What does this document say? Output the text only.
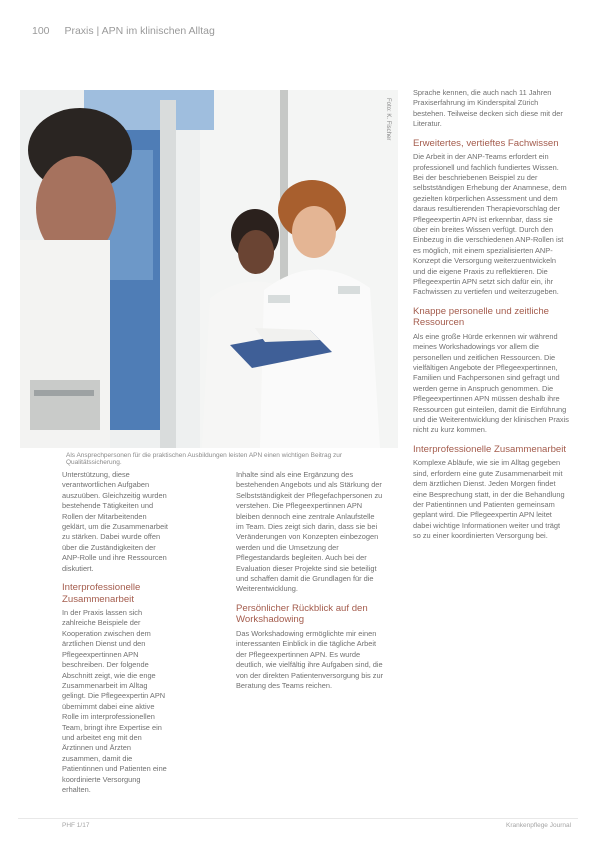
100 Praxis | APN im klinischen Alltag
Foto: K. Fischer
Als Ansprechpersonen für die praktischen Ausbildungen leisten APN einen wichtigen Beitrag zur Qualitätssicherung.

Unterstützung, diese verantwortlichen Aufgaben auszuüben. Gleichzeitig wurden bestehende Tätigkeiten und Rollen der Mitarbeitenden geklärt, um die Zusammenarbeit zu stärken. Dabei wurde offen über die Zuständigkeiten der ANP-Rolle und ihre Ressourcen diskutiert.

Interprofessionelle Zusammenarbeit

In der Praxis lassen sich zahlreiche Beispiele der Kooperation zwischen dem ärztlichen Dienst und den Pflegeexpertinnen APN beschreiben. Der folgende Abschnitt zeigt, wie die enge Zusammenarbeit im Alltag gelingt. Die Pflegeexpertin APN übernimmt dabei eine aktive Rolle im interprofessionellen Team, bringt ihre Expertise ein und arbeitet eng mit den Ärztinnen und Ärzten zusammen, damit die Patientinnen und Patienten eine koordinierte Versorgung erhalten.

Inhalte sind als eine Ergänzung des bestehenden Angebots und als Stärkung der Selbstständigkeit der Pflegefachpersonen zu verstehen. Die Pflegeexpertinnen APN bleiben dennoch eine zentrale Anlaufstelle im Team. Dies zeigt sich darin, dass sie bei Veränderungen von Konzepten einbezogen werden und die Umsetzung der Pflegestandards begleiten. Auch bei der Evaluation dieser Projekte sind sie beteiligt und schaffen damit die Grundlagen für die Weiterentwicklung.

Persönlicher Rückblick auf den Workshadowing

Das Workshadowing ermöglichte mir einen interessanten Einblick in die tägliche Arbeit der Pflegeexpertinnen APN. Es wurde deutlich, wie vielfältig ihre Aufgaben sind, die von der direkten Patientenversorgung bis zur Beratung des Teams reichen.

Sprache kennen, die auch nach 11 Jahren Praxiserfahrung im Kinderspital Zürich bestehen. Teilweise decken sich diese mit der Literatur.

Erweitertes, vertieftes Fachwissen

Die Arbeit in der ANP-Teams erfordert ein professionell und fachlich fundiertes Wissen. Bei der beschriebenen Beispiel zu der selbstständigen Erhebung der Anamnese, dem gezielten körperlichen Assessment und dem daraus resultierenden Therapievorschlag der Pflegeexpertin APN ist erkennbar, dass sie über ein breites Wissen verfügt. Durch den Einbezug in die verschiedenen ANP-Rollen ist es möglich, mit einem spezialisierten ANP-Konzept die Versorgung weiterzuentwickeln und die eigene Praxis zu reflektieren. Die Pflegeexpertin APN setzt sich dafür ein, ihr Fachwissen zu vertiefen und weiterzugeben.

Knappe personelle und zeitliche Ressourcen

Als eine große Hürde erkennen wir während meines Workshadowings vor allem die personellen und zeitlichen Ressourcen. Die vielfältigen Angebote der Pflegeexpertinnen, Familien und Fachpersonen sind gefragt und werden gerne in Anspruch genommen. Die Pflegeexpertinnen APN müssen deshalb ihre Ressourcen gut einteilen, damit die Einführung und die Weiterentwicklung der klinischen Praxis nicht zu kurz kommen.

Interprofessionelle Zusammenarbeit

Komplexe Abläufe, wie sie im Alltag gegeben sind, erfordern eine gute Zusammenarbeit mit dem ärztlichen Dienst. Jeden Morgen findet eine Besprechung statt, in der die Behandlung der Patientinnen und Patienten gemeinsam geplant wird. Die Pflegeexpertin APN leitet dabei wichtige Informationen weiter und trägt so zu einer koordinierten Versorgung bei.

PHF 1/17	Krankenpflege Journal
